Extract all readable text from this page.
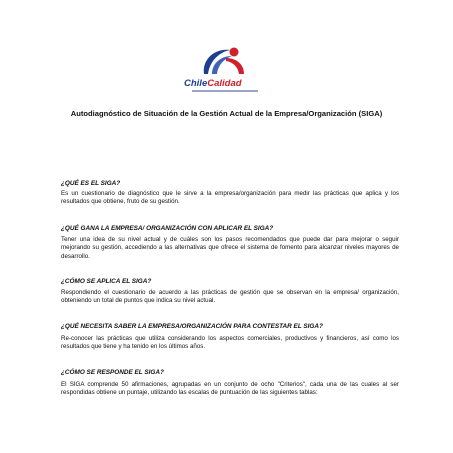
ChileCalidad
Autodiagnóstico de Situación de la Gestión Actual de la Empresa/Organización (SIGA)
¿QUÉ ES EL SIGA?
Es un cuestionario de diagnóstico que le sirve a la empresa/organización para medir las prácticas que aplica y los resultados que obtiene, fruto de su gestión.
¿QUÉ GANA LA EMPRESA/ ORGANIZACIÓN CON APLICAR EL SIGA?
Tener una idea de su nivel actual y de cuáles son los pasos recomendados que puede dar para mejorar o seguir mejorando su gestión, accediendo a las alternativas que ofrece el sistema de fomento para alcanzar niveles mayores de desarrollo.
¿CÓMO SE APLICA EL SIGA?
Respondiendo el cuestionario de acuerdo a las prácticas de gestión que se observan en la empresa/ organización, obteniendo un total de puntos que indica su nivel actual.
¿QUÉ NECESITA SABER LA EMPRESA/ORGANIZACIÓN PARA CONTESTAR EL SIGA?
Re-conocer las prácticas que utiliza considerando los aspectos comerciales, productivos y financieros, así como los resultados que tiene y ha tenido en los últimos años.
¿CÓMO SE RESPONDE EL SIGA?
El SIGA comprende 50 afirmaciones, agrupadas en un conjunto de ocho "Criterios", cada una de las cuales al ser respondidas obtiene un puntaje, utilizando las escalas de puntuación de las siguientes tablas:
